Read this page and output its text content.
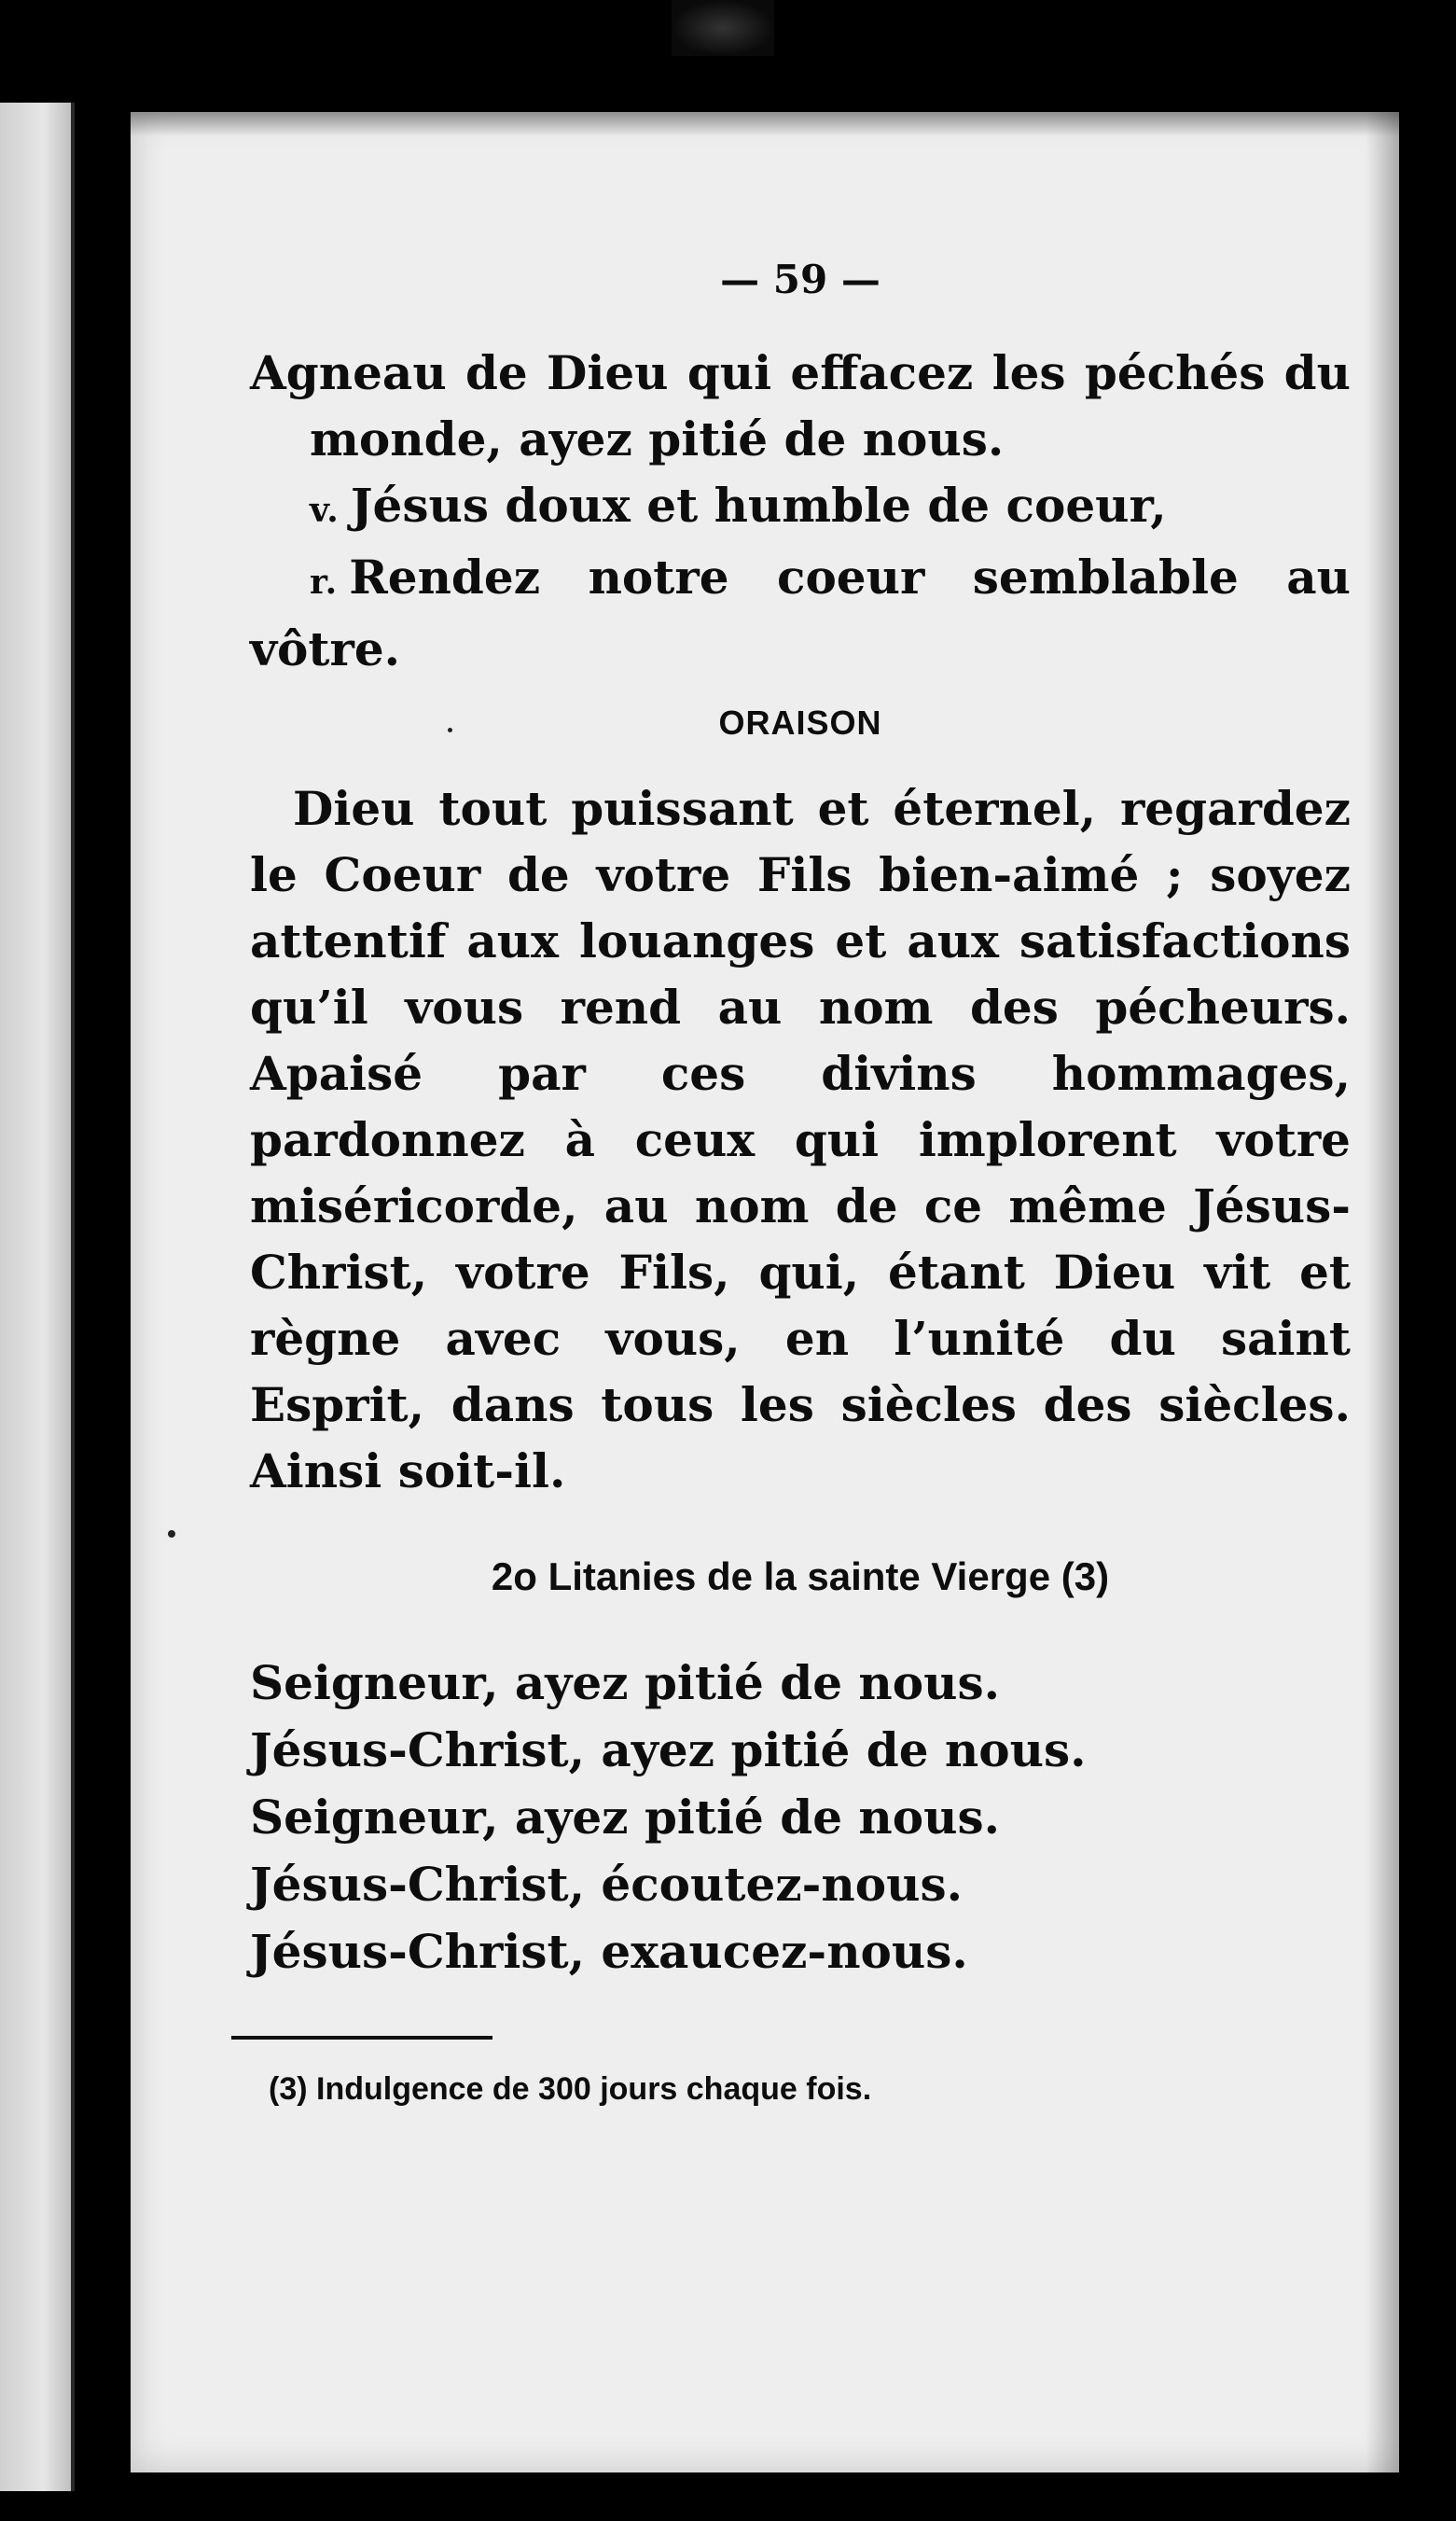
— 59 —

Agneau de Dieu qui effacez les péchés du monde, ayez pitié de nous.

v. Jésus doux et humble de coeur,

r. Rendez notre coeur semblable au vôtre.

ORAISON

Dieu tout puissant et éternel, regardez le Coeur de votre Fils bien-aimé ; soyez attentif aux louanges et aux satisfactions qu’il vous rend au nom des pécheurs. Apaisé par ces divins hommages, pardonnez à ceux qui implorent votre miséricorde, au nom de ce même Jésus-Christ, votre Fils, qui, étant Dieu vit et règne avec vous, en l’unité du saint Esprit, dans tous les siècles des siècles. Ainsi soit-il.

2o Litanies de la sainte Vierge (3)
Seigneur, ayez pitié de nous.
Jésus-Christ, ayez pitié de nous.
Seigneur, ayez pitié de nous.
Jésus-Christ, écoutez-nous.
Jésus-Christ, exaucez-nous.

(3) Indulgence de 300 jours chaque fois.
